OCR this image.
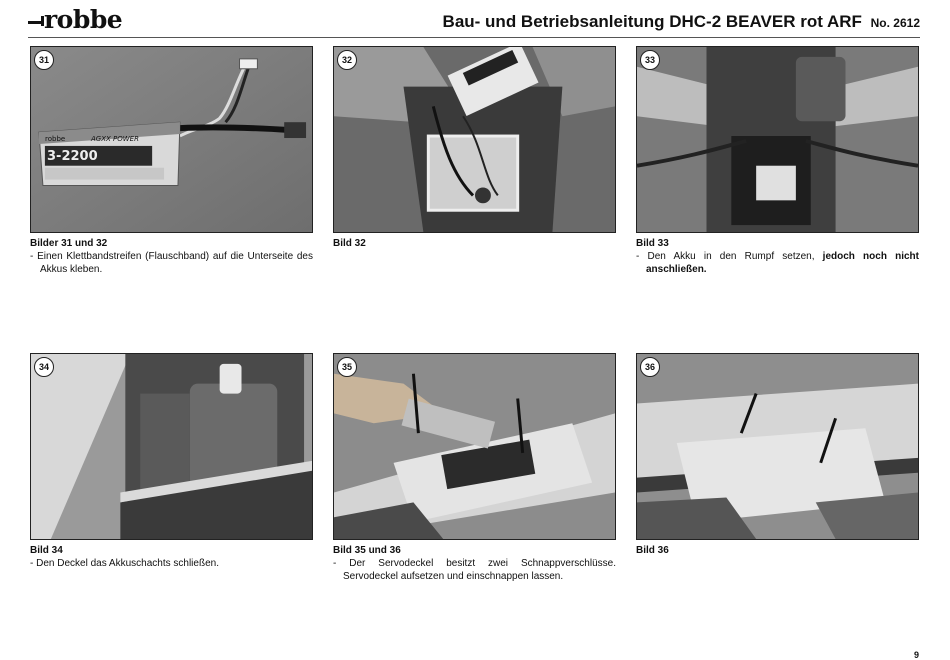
robbe	Bau- und Betriebsanleitung DHC-2 BEAVER rot ARF No. 2612
31
robbe	AGXX POWER
3-2200
32	33
34	35	36
Bilder 31 und 32
- Einen Klettbandstreifen (Flauschband) auf die Unterseite des Akkus kleben.
Bild 32	Bild 33
- Den Akku in den Rumpf setzen, jedoch noch nicht anschließen.
Bild 34
- Den Deckel das Akkuschachts schließen.
Bild 35 und 36
- Der Servodeckel besitzt zwei Schnappverschlüsse. Servodeckel aufsetzen und einschnappen lassen.
Bild 36
9
